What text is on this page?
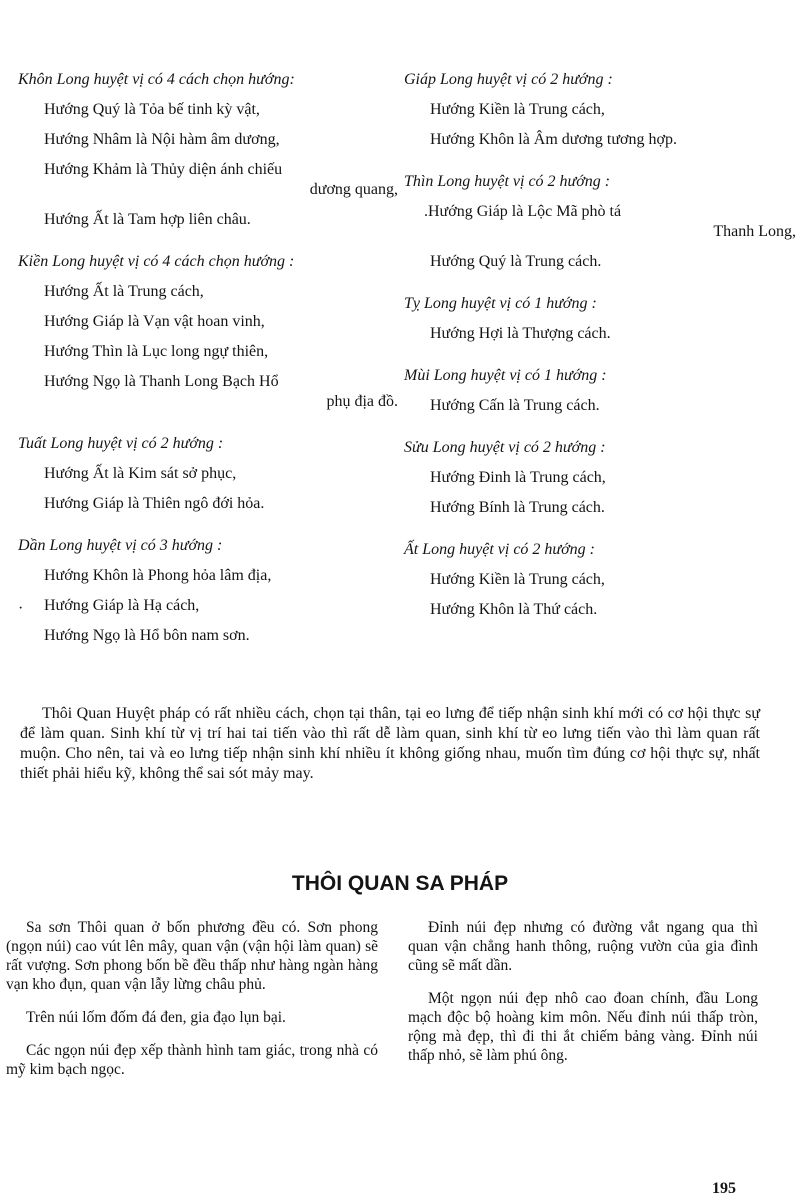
Khôn Long huyệt vị có 4 cách chọn hướng:

Hướng Quý là Tỏa bế tinh kỳ vật,

Hướng Nhâm là Nội hàm âm dương,

Hướng Khảm là Thủy diện ánh chiếu
dương quang,

Hướng Ất là Tam hợp liên châu.

Kiền Long huyệt vị có 4 cách chọn hướng :

Hướng Ất là Trung cách,

Hướng Giáp là Vạn vật hoan vinh,

Hướng Thìn là Lục long ngự thiên,

Hướng Ngọ là Thanh Long Bạch Hổ
phụ địa đồ.

Tuất Long huyệt vị có 2 hướng :

Hướng Ất là Kim sát sở phục,

Hướng Giáp là Thiên ngô đới hỏa.

Dần Long huyệt vị có 3 hướng :

Hướng Khôn là Phong hỏa lâm địa,

Hướng Giáp là Hạ cách,

Hướng Ngọ là Hổ bôn nam sơn.

·

Giáp Long huyệt vị có 2 hướng :

Hướng Kiền là Trung cách,

Hướng Khôn là Âm dương tương hợp.

Thìn Long huyệt vị có 2 hướng :

.Hướng Giáp là Lộc Mã phò tá
Thanh Long,

Hướng Quý là Trung cách.

Tỵ Long huyệt vị có 1 hướng :

Hướng Hợi là Thượng cách.

Mùi Long huyệt vị có 1 hướng :

Hướng Cấn là Trung cách.

Sửu Long huyệt vị có 2 hướng :

Hướng Đinh là Trung cách,

Hướng Bính là Trung cách.

Ất Long huyệt vị có 2 hướng :

Hướng Kiền là Trung cách,

Hướng Khôn là Thứ cách.

Thôi Quan Huyệt pháp có rất nhiều cách, chọn tại thân, tại eo lưng để tiếp nhận sinh khí mới có cơ hội thực sự để làm quan. Sinh khí từ vị trí hai tai tiến vào thì rất dễ làm quan, sinh khí từ eo lưng tiến vào thì làm quan rất muộn. Cho nên, tai và eo lưng tiếp nhận sinh khí nhiều ít không giống nhau, muốn tìm đúng cơ hội thực sự, nhất thiết phải hiểu kỹ, không thể sai sót mảy may.

THÔI QUAN SA PHÁP

Sa sơn Thôi quan ở bốn phương đều có. Sơn phong (ngọn núi) cao vút lên mây, quan vận (vận hội làm quan) sẽ rất vượng. Sơn phong bốn bề đều thấp như hàng ngàn hàng vạn kho đụn, quan vận lẫy lừng châu phủ.

Trên núi lốm đốm đá đen, gia đạo lụn bại.

Các ngọn núi đẹp xếp thành hình tam giác, trong nhà có mỹ kim bạch ngọc.

Đỉnh núi đẹp nhưng có đường vắt ngang qua thì quan vận chẳng hanh thông, ruộng vườn của gia đình cũng sẽ mất dần.

Một ngọn núi đẹp nhô cao đoan chính, đầu Long mạch độc bộ hoàng kim môn. Nếu đỉnh núi thấp tròn, rộng mà đẹp, thì đi thi ắt chiếm bảng vàng. Đỉnh núi thấp nhỏ, sẽ làm phú ông.

195
